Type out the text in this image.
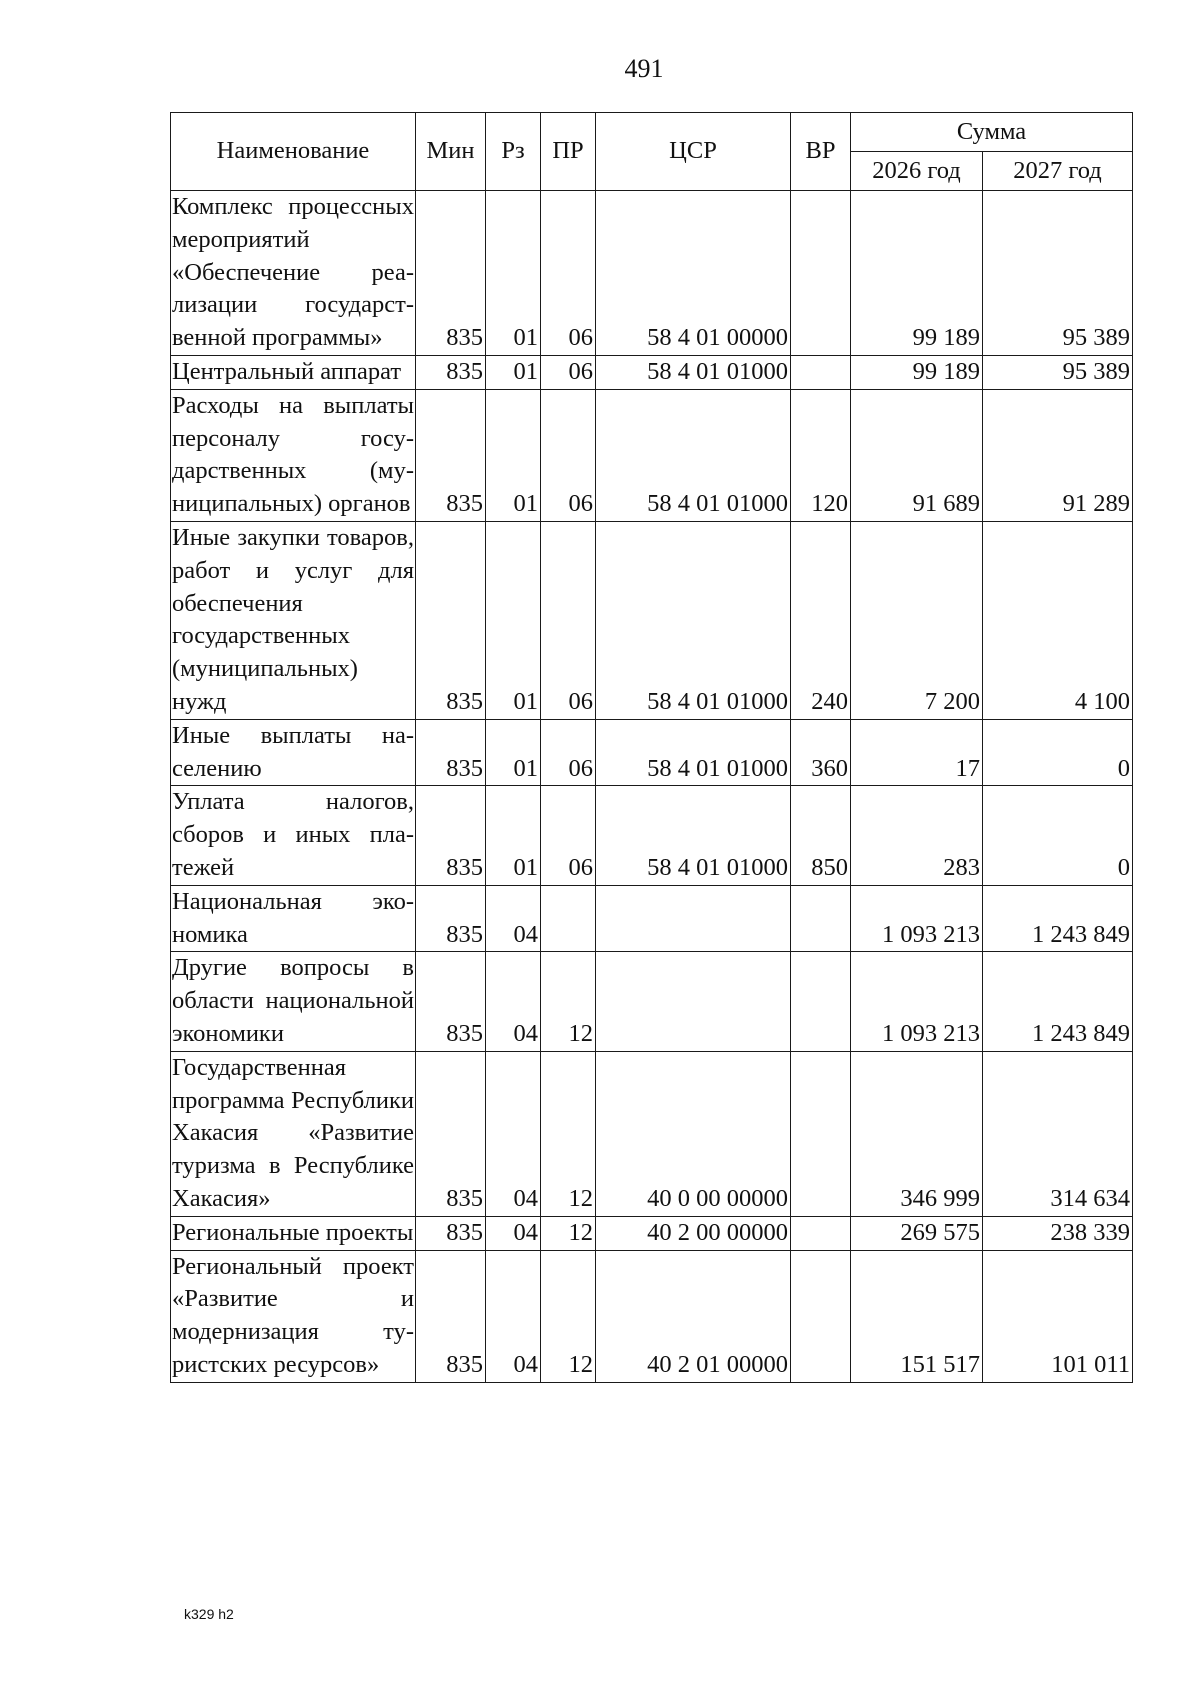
491
Наименование	Мин	Рз	ПР	ЦСР	ВР	Сумма	
						2026 год	2027 год
Комплекс процессных мероприятий «Обеспечение реализации государственной программы»	835	01	06	58 4 01 00000		99 189	95 389
Центральный аппарат	835	01	06	58 4 01 01000		99 189	95 389
Расходы на выплаты персоналу государственных (муниципальных) органов	835	01	06	58 4 01 01000	120	91 689	91 289
Иные закупки товаров, работ и услуг для обеспечения государственных (муниципальных) нужд	835	01	06	58 4 01 01000	240	7 200	4 100
Иные выплаты населению	835	01	06	58 4 01 01000	360	17	0
Уплата налогов, сборов и иных платежей	835	01	06	58 4 01 01000	850	283	0
Национальная экономика	835	04				1 093 213	1 243 849
Другие вопросы в области национальной экономики	835	04	12			1 093 213	1 243 849
Государственная программа Республики Хакасия «Развитие туризма в Республике Хакасия»	835	04	12	40 0 00 00000		346 999	314 634
Региональные проекты	835	04	12	40 2 00 00000		269 575	238 339
Региональный проект «Развитие и модернизация туристских ресурсов»	835	04	12	40 2 01 00000		151 517	101 011
k329 h2
